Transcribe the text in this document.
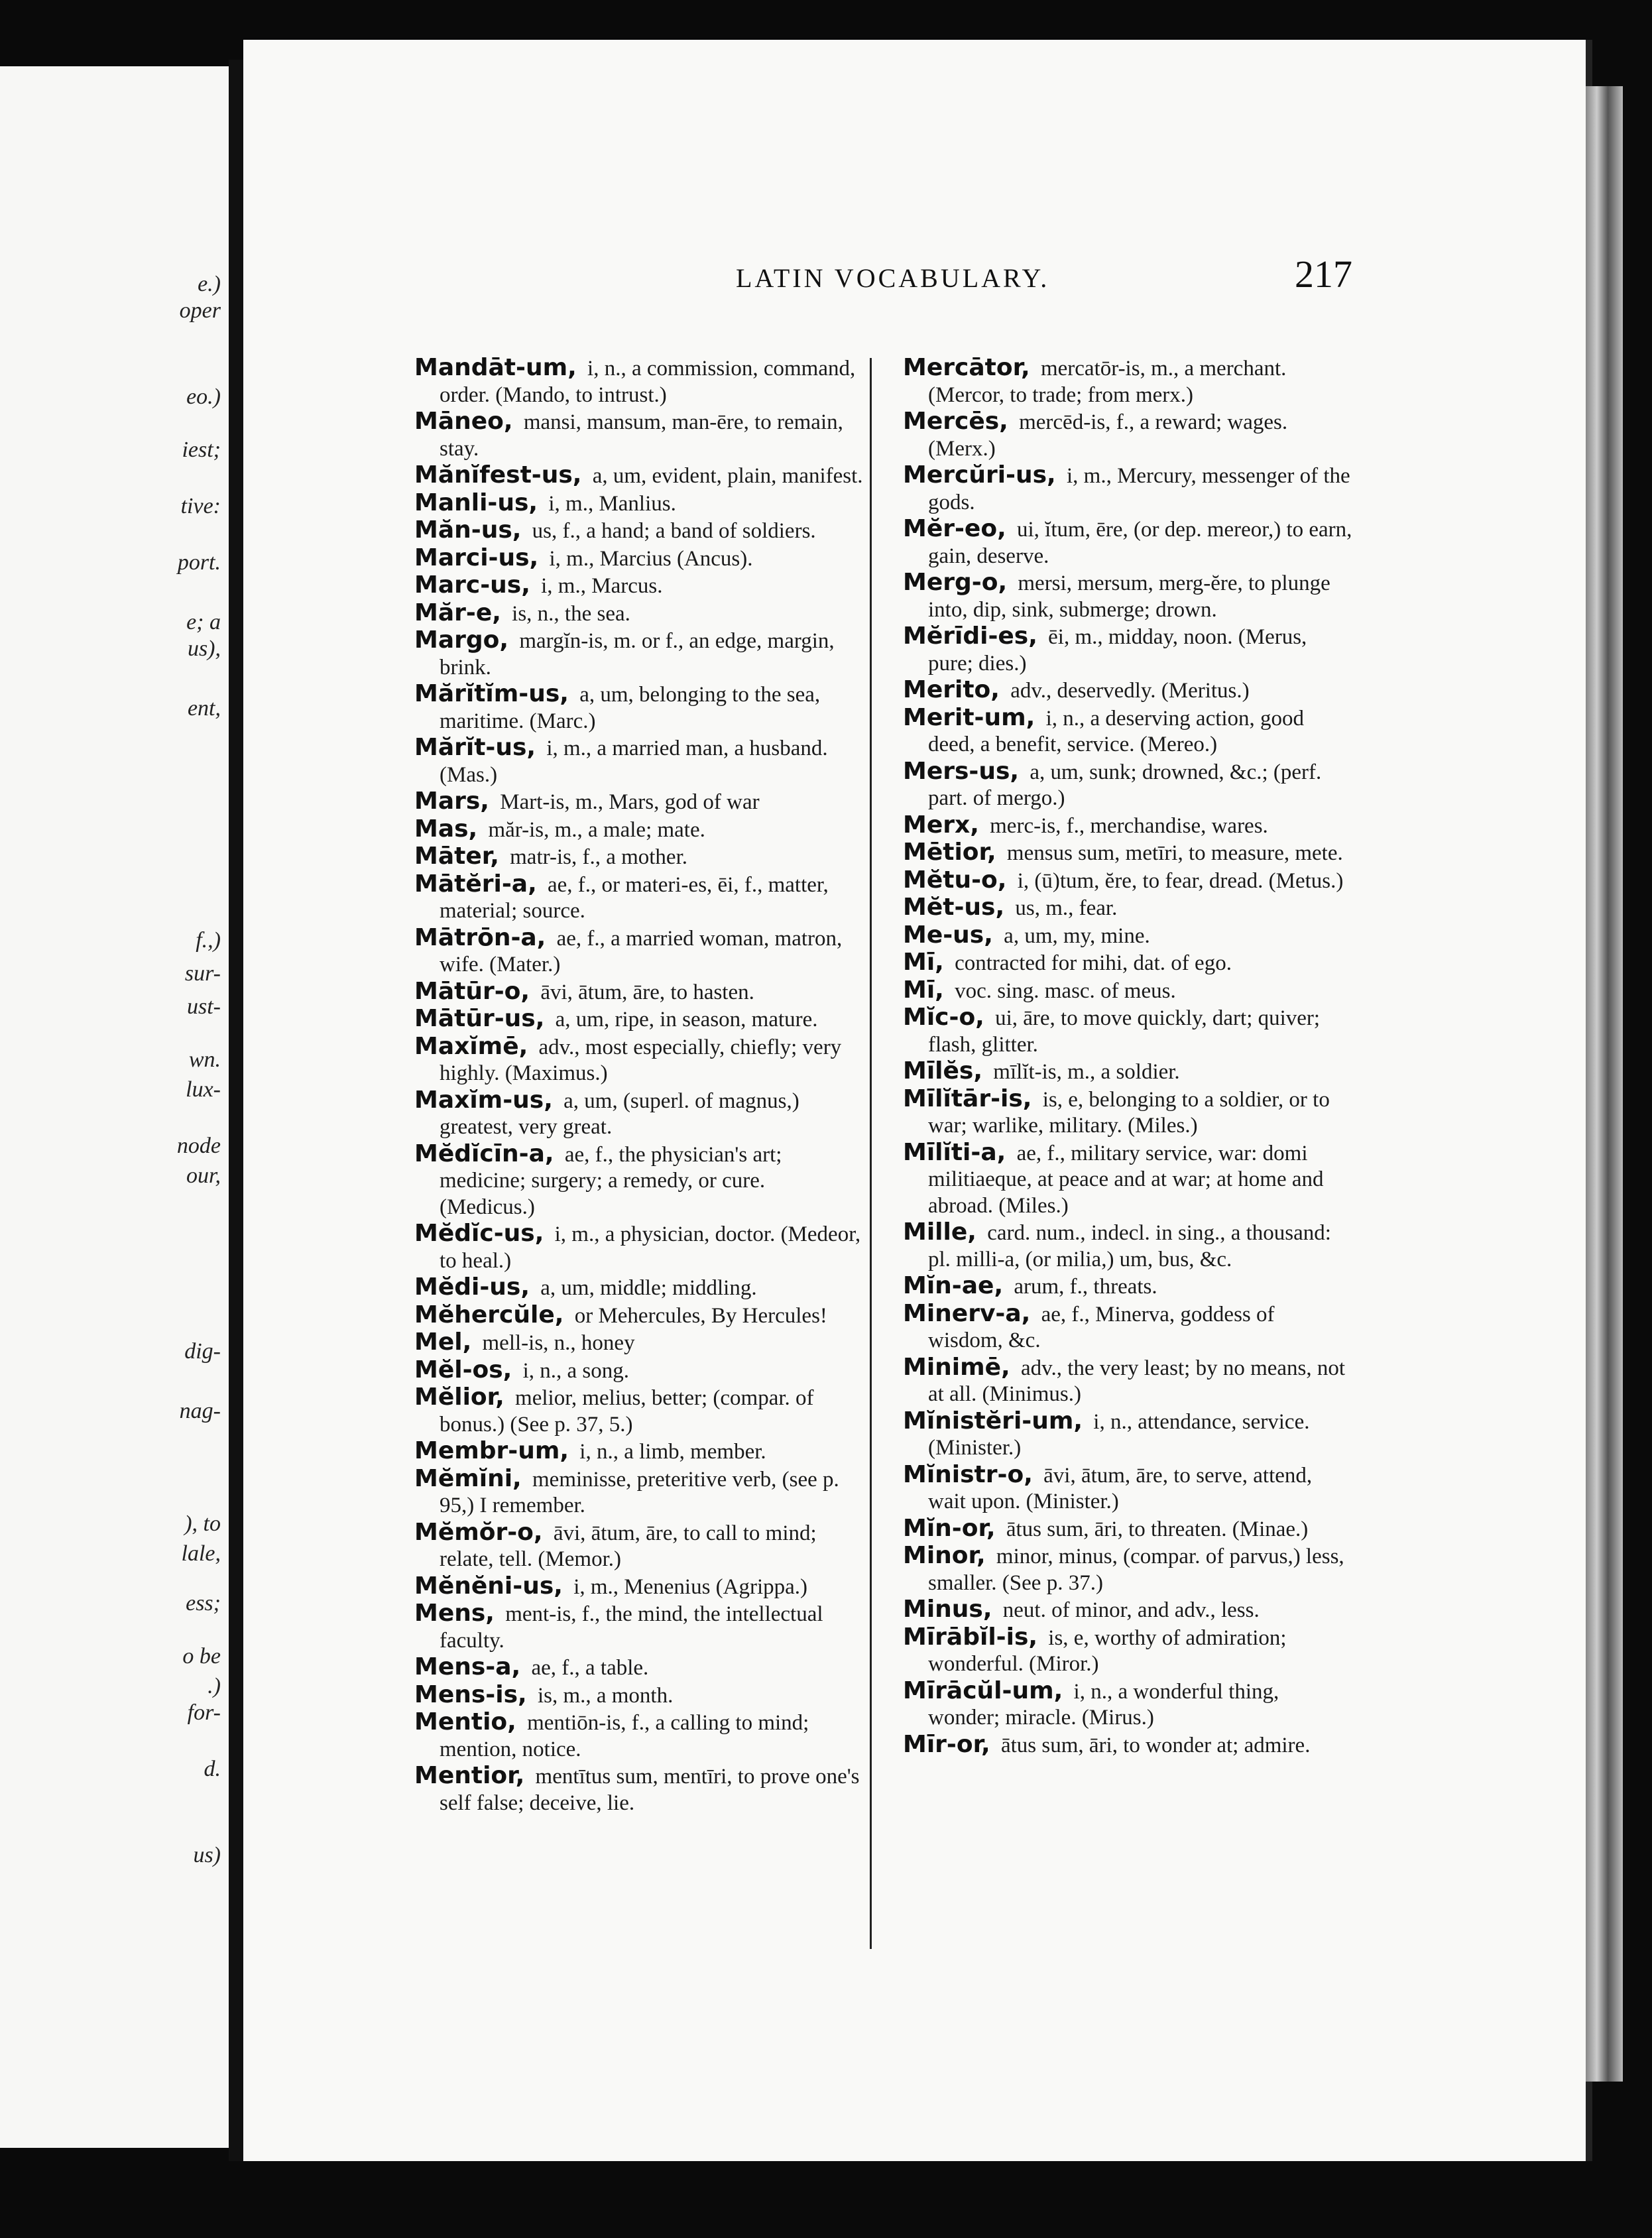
e.)
oper
eo.)
iest;
tive:
port.
e; a
us),
ent,
f.,)
sur-
ust-
wn.
lux-
node
our,
dig-
nag-
), to
lale,
ess;
o be
.)
for-
d.
us)
LATIN VOCABULARY.	217

Mandāt-um, i, n., a commission, command, order. (Mando, to intrust.)

Māneo, mansi, mansum, man-ēre, to remain, stay.

Mănĭfest-us, a, um, evident, plain, manifest.

Manli-us, i, m., Manlius.

Măn-us, us, f., a hand; a band of soldiers.

Marci-us, i, m., Marcius (Ancus).

Marc-us, i, m., Marcus.

Măr-e, is, n., the sea.

Margo, margĭn-is, m. or f., an edge, margin, brink.

Mărĭtĭm-us, a, um, belonging to the sea, maritime. (Marc.)

Mărĭt-us, i, m., a married man, a husband. (Mas.)

Mars, Mart-is, m., Mars, god of war

Mas, măr-is, m., a male; mate.

Māter, matr-is, f., a mother.

Mātĕri-a, ae, f., or materi-es, ēi, f., matter, material; source.

Mātrōn-a, ae, f., a married woman, matron, wife. (Mater.)

Mātūr-o, āvi, ātum, āre, to hasten.

Mātūr-us, a, um, ripe, in season, mature.

Maxĭmē, adv., most especially, chiefly; very highly. (Maximus.)

Maxĭm-us, a, um, (superl. of magnus,) greatest, very great.

Mĕdĭcīn-a, ae, f., the physician's art; medicine; surgery; a remedy, or cure. (Medicus.)

Mĕdĭc-us, i, m., a physician, doctor. (Medeor, to heal.)

Mĕdi-us, a, um, middle; middling.

Mĕhercŭle, or Mehercules, By Hercules!

Mel, mell-is, n., honey

Mĕl-os, i, n., a song.

Mĕlior, melior, melius, better; (compar. of bonus.) (See p. 37, 5.)

Membr-um, i, n., a limb, member.

Mĕmĭni, meminisse, preteritive verb, (see p. 95,) I remember.

Mĕmŏr-o, āvi, ātum, āre, to call to mind; relate, tell. (Memor.)

Mĕnĕni-us, i, m., Menenius (Agrippa.)

Mens, ment-is, f., the mind, the intellectual faculty.

Mens-a, ae, f., a table.

Mens-is, is, m., a month.

Mentio, mentiōn-is, f., a calling to mind; mention, notice.

Mentior, mentītus sum, mentīri, to prove one's self false; deceive, lie.

Mercātor, mercatōr-is, m., a merchant. (Mercor, to trade; from merx.)

Mercēs, mercēd-is, f., a reward; wages. (Merx.)

Mercŭri-us, i, m., Mercury, messenger of the gods.

Mĕr-eo, ui, ĭtum, ēre, (or dep. mereor,) to earn, gain, deserve.

Merg-o, mersi, mersum, merg-ĕre, to plunge into, dip, sink, submerge; drown.

Mĕrīdi-es, ēi, m., midday, noon. (Merus, pure; dies.)

Merito, adv., deservedly. (Meritus.)

Merit-um, i, n., a deserving action, good deed, a benefit, service. (Mereo.)

Mers-us, a, um, sunk; drowned, &c.; (perf. part. of mergo.)

Merx, merc-is, f., merchandise, wares.

Mētior, mensus sum, metīri, to measure, mete.

Mĕtu-o, i, (ū)tum, ĕre, to fear, dread. (Metus.)

Mĕt-us, us, m., fear.

Me-us, a, um, my, mine.

Mī, contracted for mihi, dat. of ego.

Mī, voc. sing. masc. of meus.

Mĭc-o, ui, āre, to move quickly, dart; quiver; flash, glitter.

Mīlĕs, mīlĭt-is, m., a soldier.

Mīlĭtār-is, is, e, belonging to a soldier, or to war; warlike, military. (Miles.)

Mīlĭti-a, ae, f., military service, war: domi militiaeque, at peace and at war; at home and abroad. (Miles.)

Mille, card. num., indecl. in sing., a thousand: pl. milli-a, (or milia,) um, bus, &c.

Mĭn-ae, arum, f., threats.

Minerv-a, ae, f., Minerva, goddess of wisdom, &c.

Minimē, adv., the very least; by no means, not at all. (Minimus.)

Mĭnistĕri-um, i, n., attendance, service. (Minister.)

Mĭnistr-o, āvi, ātum, āre, to serve, attend, wait upon. (Minister.)

Mĭn-or, ātus sum, āri, to threaten. (Minae.)

Minor, minor, minus, (compar. of parvus,) less, smaller. (See p. 37.)

Minus, neut. of minor, and adv., less.

Mīrābĭl-is, is, e, worthy of admiration; wonderful. (Miror.)

Mīrācŭl-um, i, n., a wonderful thing, wonder; miracle. (Mirus.)

Mīr-or, ātus sum, āri, to wonder at; admire.
